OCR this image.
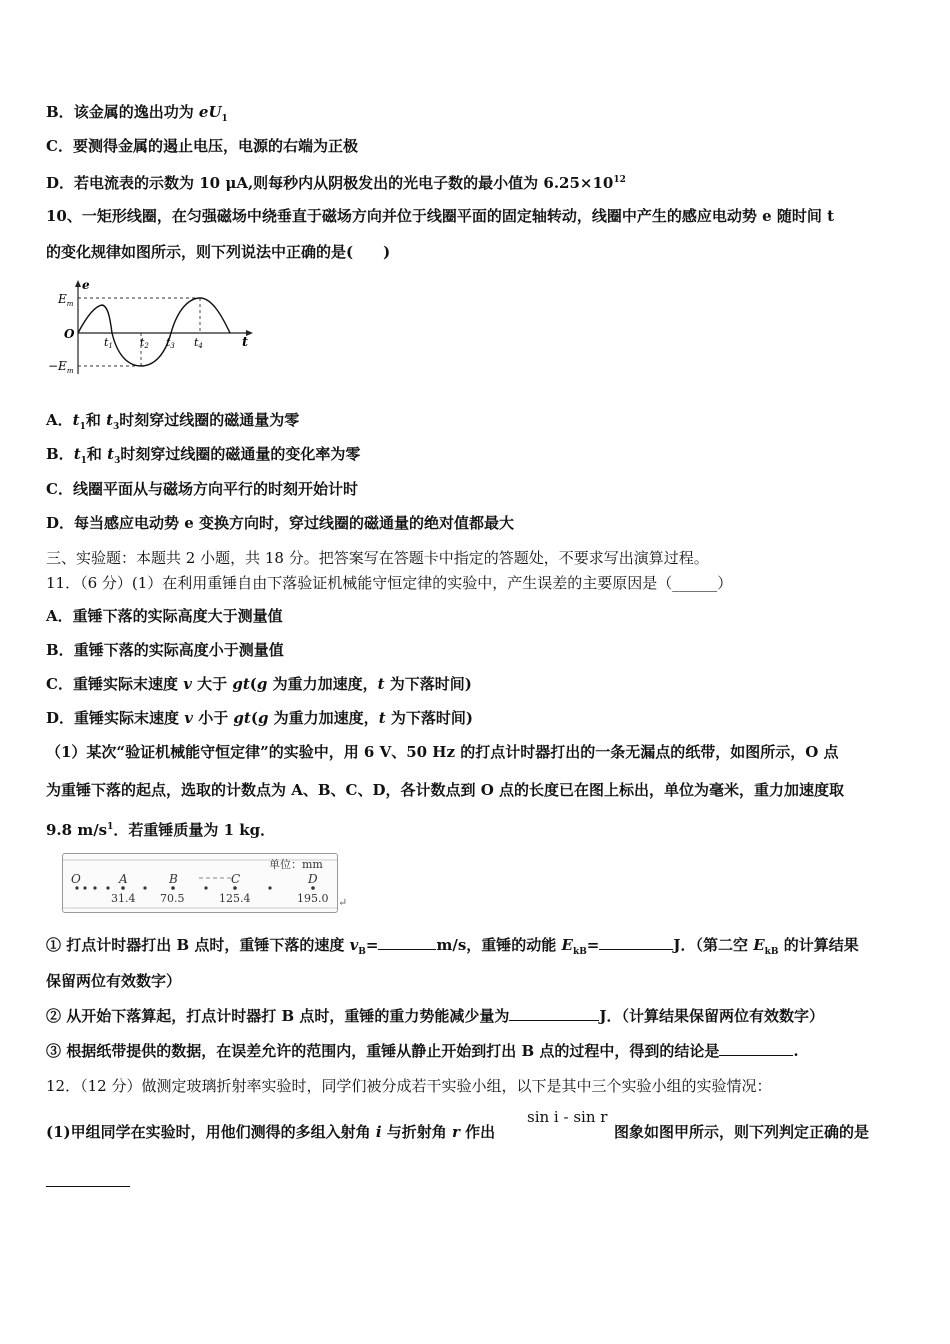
B．该金属的逸出功为 $eU_1$
C．要测得金属的遏止电压，电源的右端为正极
D．若电流表的示数为 10 μA,则每秒内从阴极发出的光电子数的最小值为 $6.25\times 10^{12}$
10、一矩形线圈，在匀强磁场中绕垂直于磁场方向并位于线圈平面的固定轴转动，线圈中产生的感应电动势 e 随时间 t
的变化规律如图所示，则下列说法中正确的是(　　)
e
t
O
$E_m$
$-E_m$
t1 t2 t3 t4
A．$t_1$和 $t_3$时刻穿过线圈的磁通量为零
B．$t_1$和 $t_3$时刻穿过线圈的磁通量的变化率为零
C．线圈平面从与磁场方向平行的时刻开始计时
D．每当感应电动势 e 变换方向时，穿过线圈的磁通量的绝对值都最大
三、实验题：本题共 2 小题，共 18 分。把答案写在答题卡中指定的答题处，不要求写出演算过程。
11．（6 分）(1）在利用重锤自由下落验证机械能守恒定律的实验中，产生误差的主要原因是（______）
A．重锤下落的实际高度大于测量值
B．重锤下落的实际高度小于测量值
C．重锤实际末速度 v 大于 gt(g 为重力加速度，t 为下落时间)
D．重锤实际末速度 v 小于 gt(g 为重力加速度，t 为下落时间)
（1）某次“验证机械能守恒定律”的实验中，用 6 V、50 Hz 的打点计时器打出的一条无漏点的纸带，如图所示，O 点
为重锤下落的起点，选取的计数点为 A、B、C、D，各计数点到 O 点的长度已在图上标出，单位为毫米，重力加速度取
9.8 $m/s^1$．若重锤质量为 1 kg．
单位：mm
O	A	B	C	D
31.4 70.5	125.4	195.0 ↵
① 打点计时器打出 B 点时，重锤下落的速度 $v_B=$	m/s，重锤的动能 $E_{kB}=$	J．（第二空 $E_{kB}$ 的计算结果
保留两位有效数字）
② 从开始下落算起，打点计时器打 B 点时，重锤的重力势能减少量为	J．（计算结果保留两位有效数字）
③ 根据纸带提供的数据，在误差允许的范围内，重锤从静止开始到打出 B 点的过程中，得到的结论是	.
12．（12 分）做测定玻璃折射率实验时，同学们被分成若干实验小组，以下是其中三个实验小组的实验情况：
(1)甲组同学在实验时，用他们测得的多组入射角 i 与折射角 r 作出
sin i - sin r
图象如图甲所示，则下列判定正确的是
